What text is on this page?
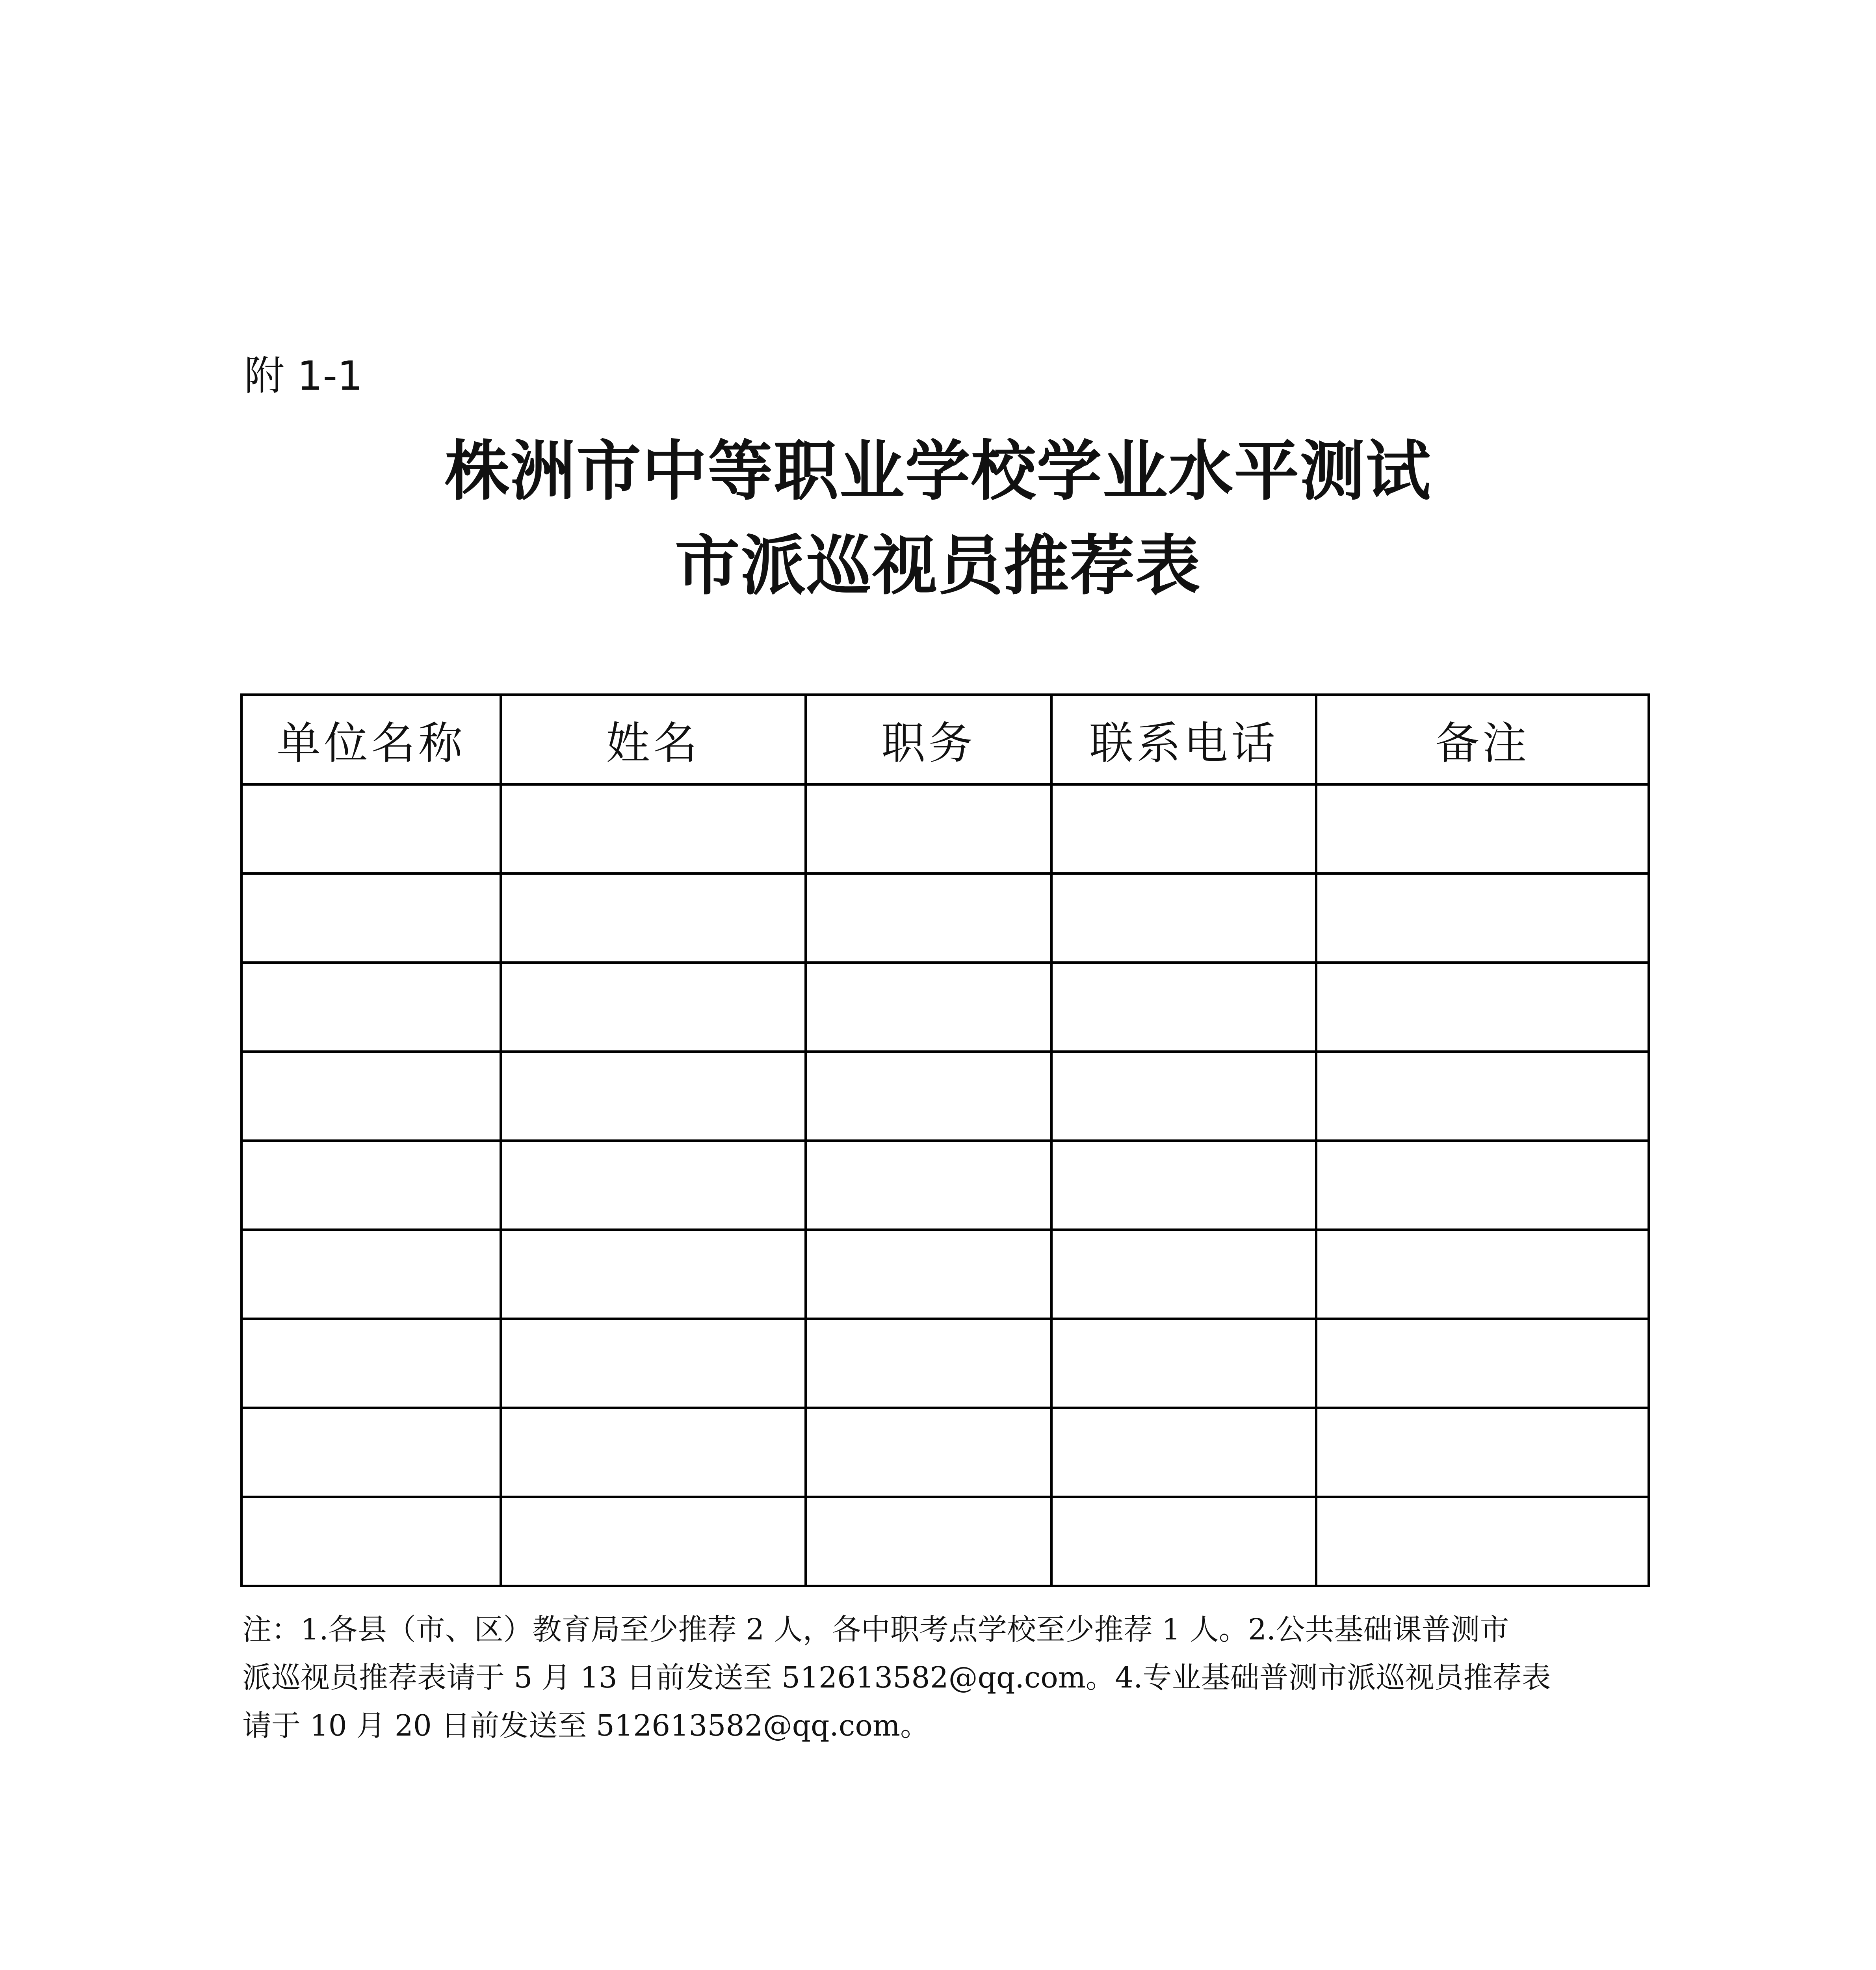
附 1-1
株洲市中等职业学校学业水平测试
市派巡视员推荐表
单位名称	姓名	职务	联系电话	备注

注：1.各县（市、区）教育局至少推荐 2 人，各中职考点学校至少推荐 1 人。2.公共基础课普测市
派巡视员推荐表请于 5 月 13 日前发送至 512613582@qq.com。4.专业基础普测市派巡视员推荐表
请于 10 月 20 日前发送至 512613582@qq.com。
